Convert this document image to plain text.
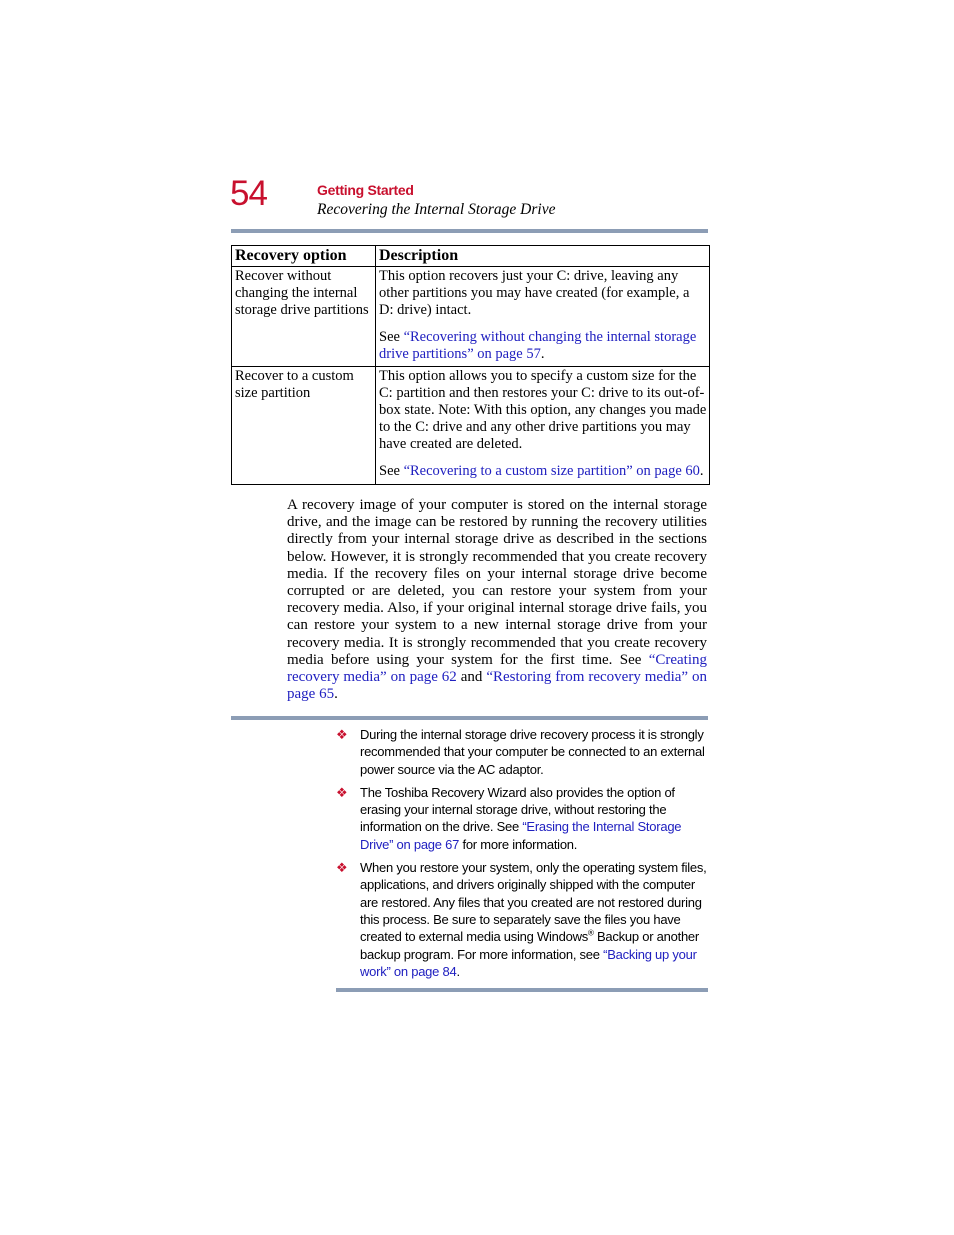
54	Getting Started
Recovering the Internal Storage Drive
Recovery option	Description
Recover without changing the internal storage drive partitions	This option recovers just your C: drive, leaving any other partitions you may have created (for example, a D: drive) intact.

See “Recovering without changing the internal storage drive partitions” on page 57.

Recover to a custom size partition	This option allows you to specify a custom size for the C: partition and then restores your C: drive to its out-of-box state. Note: With this option, any changes you made to the C: drive and any other drive partitions you may have created are deleted.

See “Recovering to a custom size partition” on page 60.

A recovery image of your computer is stored on the internal storage drive, and the image can be restored by running the recovery utilities directly from your internal storage drive as described in the sections below. However, it is strongly recommended that you create recovery media. If the recovery files on your internal storage drive become corrupted or are deleted, you can restore your system from your recovery media. Also, if your original internal storage drive fails, you can restore your system to a new internal storage drive from your recovery media. It is strongly recommended that you create recovery media before using your system for the first time. See “Creating recovery media” on page 62 and “Restoring from recovery media” on page 65.
❖ During the internal storage drive recovery process it is strongly recommended that your computer be connected to an external power source via the AC adaptor.
❖ The Toshiba Recovery Wizard also provides the option of erasing your internal storage drive, without restoring the information on the drive. See “Erasing the Internal Storage Drive” on page 67 for more information.
❖ When you restore your system, only the operating system files, applications, and drivers originally shipped with the computer are restored. Any files that you created are not restored during this process. Be sure to separately save the files you have created to external media using Windows® Backup or another backup program. For more information, see “Backing up your work” on page 84.
